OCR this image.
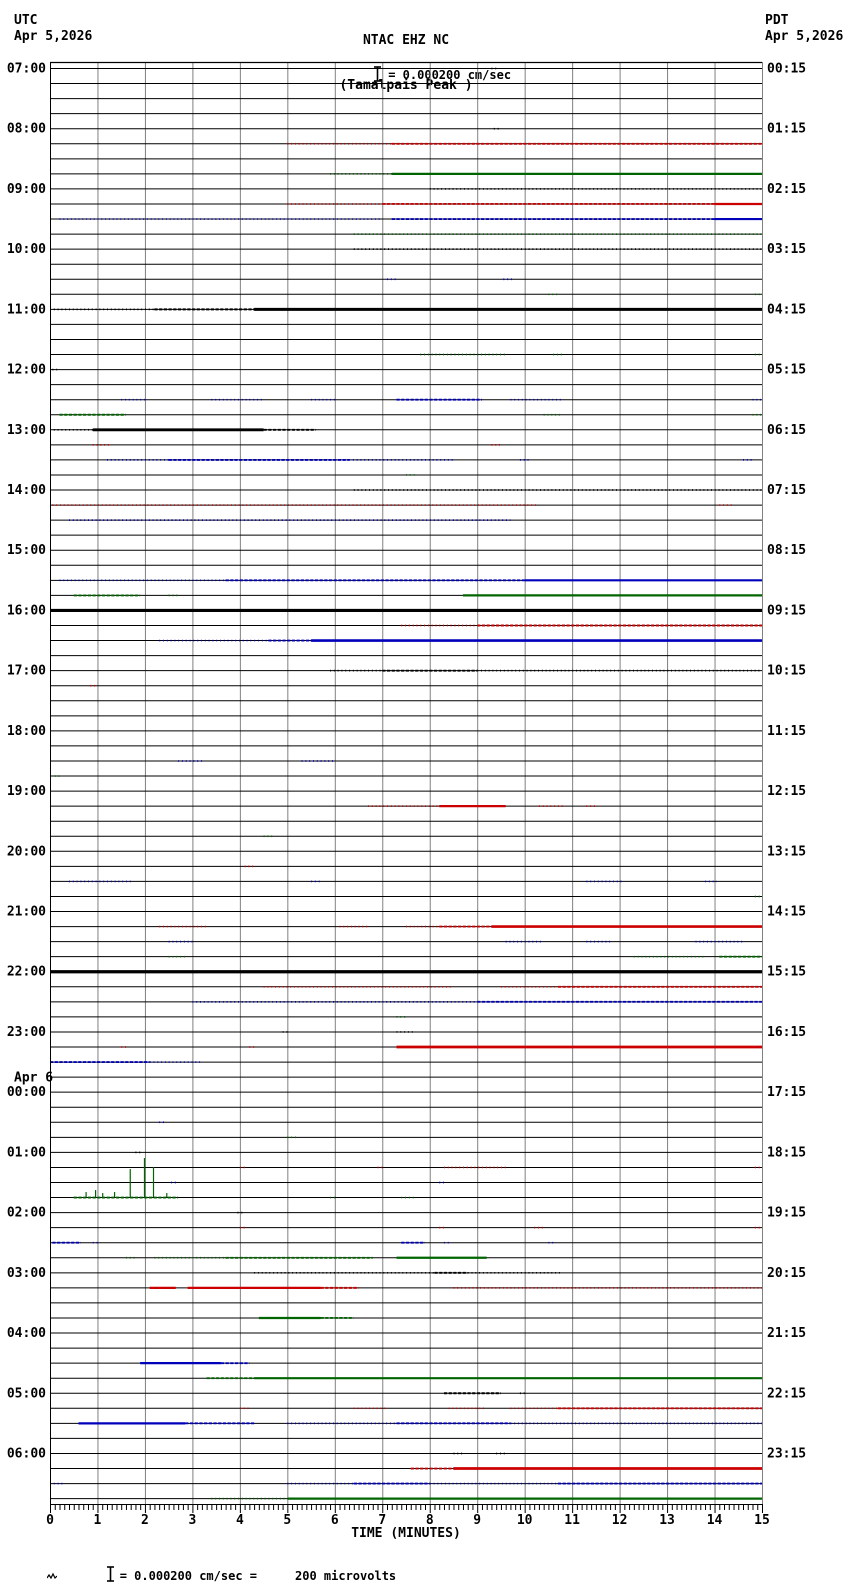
NTAC EHZ NC

(Tamalpais Peak )

= 0.000200 cm/sec

UTC
Apr 5,2026
PDT
Apr 5,2026
07:00	00:15
08:00	01:15
09:00	02:15
10:00	03:15
11:00	04:15
12:00	05:15
13:00	06:15
14:00	07:15
15:00	08:15
16:00	09:15
17:00	10:15
18:00	11:15
19:00	12:15
20:00	13:15
21:00	14:15
22:00	15:15
23:00	16:15
00:00	17:15
Apr 6
01:00	18:15
02:00	19:15
03:00	20:15
04:00	21:15
05:00	22:15
06:00	23:15
0	1	2	3	4	5	6	7	8	9	10 11 12 13 14 15
TIME (MINUTES)

= 0.000200 cm/sec =	200 microvolts
